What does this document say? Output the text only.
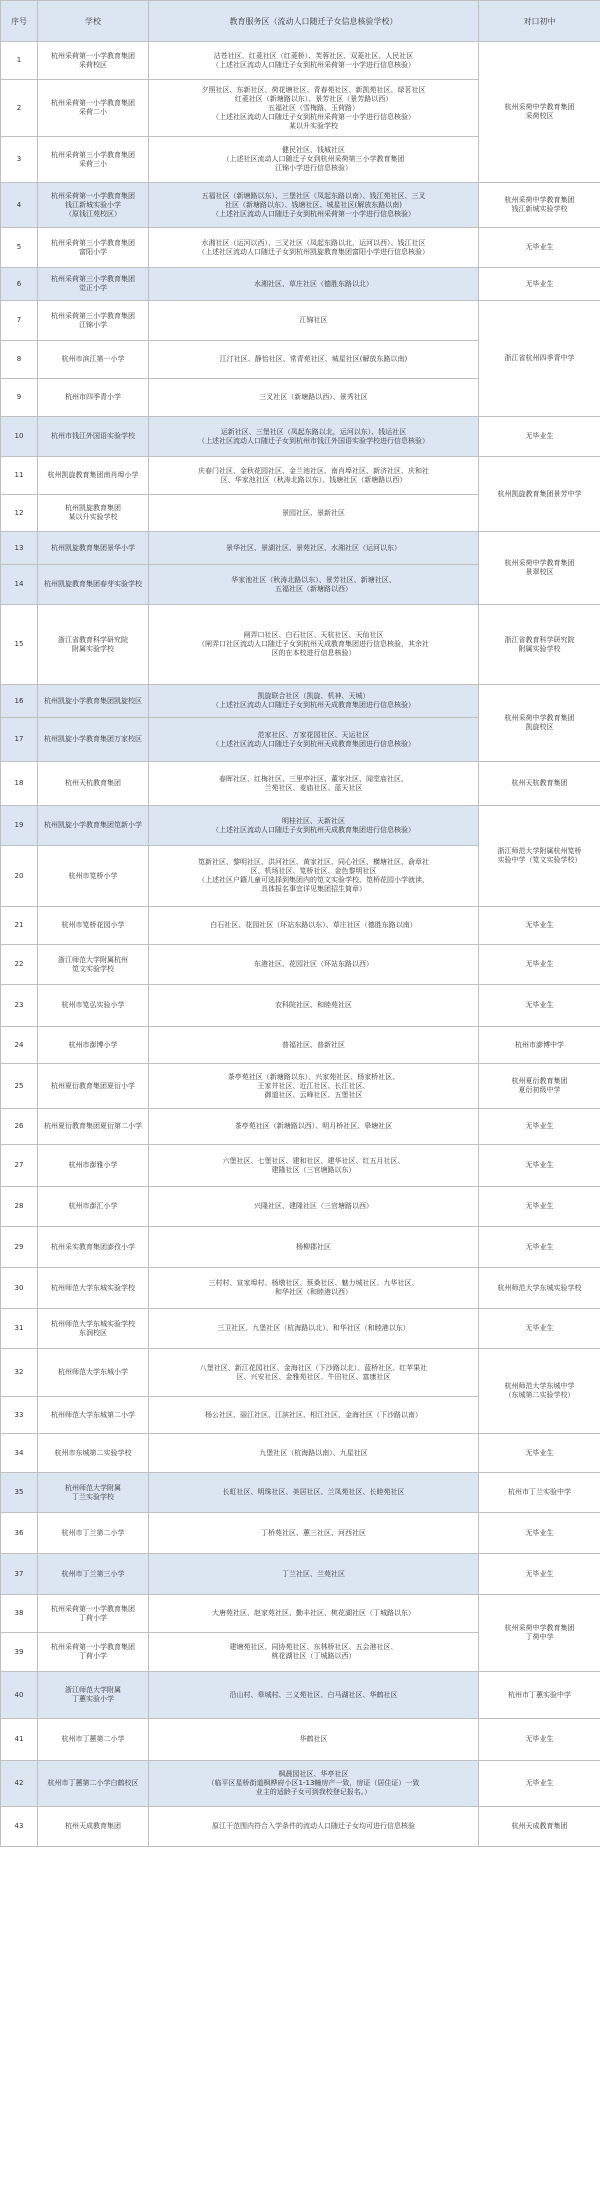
序号	学校	教育服务区（流动人口随迁子女信息核验学校）	对口初中
1	杭州采荷第一小学教育集团
采荷校区	沽苍社区、红菱社区（红菱桥）、芙蓉社区、双菱社区、人民社区
（上述社区流动人口随迁子女到杭州采荷第一小学进行信息核验）	杭州采荷中学教育集团
采荷校区

2	杭州采荷第一小学教育集团
采荷二小	夕照社区、东新社区、荷花塘社区、青春苑社区、新凯苑社区、绿茗社区
红菱社区（新塘路以东）、景芳社区（景芳路以西）
五福社区（雪梅路、玉荷路）
（上述社区流动人口随迁子女到杭州采荷第一小学进行信息核验）
某以升实验学校	

3	杭州采荷第三小学教育集团
采荷三小	健民社区、钱城社区
（上述社区流动人口随迁子女到杭州采荷第三小学教育集团
江锦小学进行信息核验）	

4	杭州采荷第一小学教育集团
钱江新城实验小学
（原钱江苑校区）	五福社区（新塘路以东）、三堡社区（凤起东路以南）、钱江苑社区、三叉
社区（新塘路以东）、钱塘社区、城星社区(解放东路以南)
（上述社区流动人口随迁子女到杭州采荷第一小学进行信息核验）	杭州采荷中学教育集团
钱江新城实验学校

5	杭州采荷第三小学教育集团
富阳小学	水湘社区（运河以西）、三叉社区（凤起东路以北，运河以西）、钱江社区
（上述社区流动人口随迁子女到杭州凯旋教育集团富阳小学进行信息核验）	无毕业生

6	杭州采荷第三小学教育集团
觉正小学	水湘社区、草庄社区（德胜东路以北）	无毕业生

7	杭州采荷第三小学教育集团
江锦小学	江锦社区	浙江省杭州四季青中学

8	杭州市滨江第一小学	江汀社区、静怡社区、常青苑社区、城星社区(解放东路以南)	

9	杭州市四季青小学	三叉社区（新塘路以西）、景秀社区	

10	杭州市钱江外国语实验学校	运新社区、三堡社区（凤起东路以北，运河以东）、钱运社区
（上述社区流动人口随迁子女到杭州市钱江外国语实验学校进行信息核验）	无毕业生

11	杭州凯旋教育集团南肖埠小学	庆春门社区、金秋花园社区、金兰池社区、南肖埠社区、新济社区、庆和社
区、华家池社区（秋涛北路以东）、钱塘社区（新塘路以西）	杭州凯旋教育集团景芳中学

12	杭州凯旋教育集团
某以升实验学校	景园社区、景新社区	

13	杭州凯旋教育集团景华小学	景华社区、景湖社区、景苑社区、水湘社区（运河以东）	杭州采荷中学教育集团
景翠校区

14	杭州凯旋教育集团春芽实验学校	华家池社区（秋涛北路以东）、景芳社区、新塘社区、
五福社区（新塘路以西）	

15	浙江省教育科学研究院
附属实验学校	闸弄口社区、白石社区、天杭社区、天仙社区
（闸弄口社区流动人口随迁子女到杭州天成教育集团进行信息核验，其余社
区的在本校进行信息核验）	浙江省教育科学研究院
附属实验学校

16	杭州凯旋小学教育集团凯旋校区	凯旋联合社区（凯旋、机神、天城）
（上述社区流动人口随迁子女到杭州天成教育集团进行信息核验）	杭州采荷中学教育集团
凯旋校区

17	杭州凯旋小学教育集团万家校区	范家社区、万家花园社区、天运社区
（上述社区流动人口随迁子女到杭州天成教育集团进行信息核验）	

18	杭州天杭教育集团	春晖社区、红梅社区、三里亭社区、董家社区、闻堂庙社区、
兰苑社区、麦庙社区、蓝天社区	杭州天杭教育集团

19	杭州凯旋小学教育集团笕新小学	明桂社区、天新社区
（上述社区流动人口随迁子女到杭州天成教育集团进行信息核验）	浙江师范大学附属杭州笕桥
实验中学（笕文实验学校）

20	杭州市笕桥小学	笕新社区、黎明社区、洪河社区、黄家社区、同心社区、横塘社区、俞章社
区、机场社区、笕桥社区、金色黎明社区
（上述社区户籍儿童可选择到集团内的笕文实验学校、笕桥花园小学就读，
具体报名事宜详见集团招生简章）	

21	杭州市笕桥花园小学	白石社区、花园社区（环站东路以东）、草庄社区（德胜东路以南）	无毕业生

22	浙江师范大学附属杭州
笕文实验学校	东港社区、花园社区（环站东路以西）	无毕业生

23	杭州市笕弘实验小学	农科院社区、和睦苑社区	无毕业生

24	杭州市澎博小学	普福社区、普新社区	杭州市澎博中学

25	杭州夏衍教育集团夏衍小学	茶亭苑社区（新塘路以东）、兴家苑社区、杨家桥社区、
王家井社区、近江社区、长江社区、
御道社区、云峰社区、五堡社区	杭州夏衍教育集团
夏衍初级中学

26	杭州夏衍教育集团夏衍第二小学	茶亭苑社区（新塘路以西）、明月桥社区、皋塘社区	无毕业生

27	杭州市澎雅小学	六堡社区、七堡社区、建和社区、建华社区、红五月社区、
建隆社区（三官塘路以东）	无毕业生

28	杭州市澎汇小学	兴隆社区、建隆社区（三官塘路以西）	无毕业生

29	杭州采实教育集团澎孜小学	杨柳郡社区	无毕业生

30	杭州师范大学东城实验学校	三村村、宣家埠村、杨墩社区、蔡桑社区、魅力城社区、九华社区、
和华社区（和睦港以西）	杭州师范大学东城实验学校

31	杭州师范大学东城实验学校
东润校区	三卫社区、九堡社区（杭海路以北）、和华社区（和睦港以东）	无毕业生

32	杭州师范大学东城小学	八堡社区、新江花园社区、金海社区（下沙路以北）、蓝桥社区、红苹果社
区、兴安社区、金雅苑社区、牛田社区、富康社区	杭州师范大学东城中学
（东城第二实验学校）

33	杭州师范大学东城第二小学	杨公社区、丽江社区、江滨社区、相江社区、金海社区（下沙路以南）	

34	杭州市东城第二实验学校	九堡社区（杭海路以南）、九星社区	无毕业生

35	杭州师范大学附属
丁兰实验学校	长虹社区、明珠社区、美居社区、兰凤苑社区、长睦苑社区	杭州市丁兰实验中学

36	杭州市丁兰第二小学	丁桥苑社区、蕙三社区、河西社区	无毕业生

37	杭州市丁兰第三小学	丁兰社区、兰苑社区	无毕业生

38	杭州采荷第一小学教育集团
丁荷小学	大唐苑社区、赵家苑社区、勤丰社区、桃花湖社区（丁城路以东）	杭州采荷中学教育集团
丁荷中学

39	杭州采荷第一小学教育集团
丁荷小学	建塘苑社区、同协苑社区、东林桥社区、五会港社区、
桃花湖社区（丁城路以西）	

40	浙江师范大学附属
丁蕙实验小学	沿山村、皋城村、三义苑社区、白马湖社区、华鹤社区	杭州市丁蕙实验中学

41	杭州市丁蕙第二小学	华鹤社区	无毕业生

42	杭州市丁蕙第二小学白鹤校区	枫晨园社区、华亭社区
（临平区星桥街道枫桦府小区1-13幢房产一致，房证（居住证）一致
业主的适龄子女可到我校登记报名。）	无毕业生

43	杭州天成教育集团	原江干范围内符合入学条件的流动人口随迁子女均可进行信息核验	杭州天成教育集团
